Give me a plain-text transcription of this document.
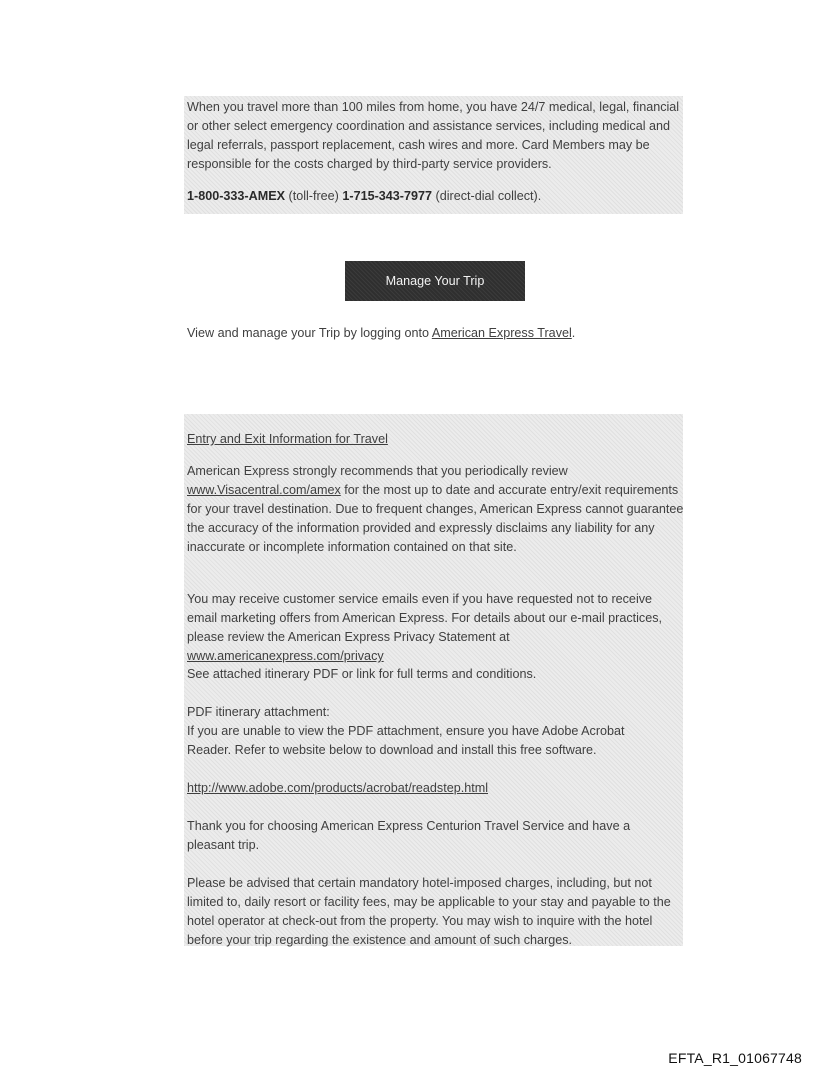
When you travel more than 100 miles from home, you have 24/7 medical, legal, financial or other select emergency coordination and assistance services, including medical and legal referrals, passport replacement, cash wires and more. Card Members may be responsible for the costs charged by third-party service providers.

1-800-333-AMEX (toll-free) 1-715-343-7977 (direct-dial collect).

Manage Your Trip

View and manage your Trip by logging onto American Express Travel.

Entry and Exit Information for Travel

American Express strongly recommends that you periodically review www.Visacentral.com/amex for the most up to date and accurate entry/exit requirements for your travel destination. Due to frequent changes, American Express cannot guarantee the accuracy of the information provided and expressly disclaims any liability for any inaccurate or incomplete information contained on that site.

You may receive customer service emails even if you have requested not to receive email marketing offers from American Express. For details about our e-mail practices, please review the American Express Privacy Statement at www.americanexpress.com/privacy

See attached itinerary PDF or link for full terms and conditions.

PDF itinerary attachment:

If you are unable to view the PDF attachment, ensure you have Adobe Acrobat Reader. Refer to website below to download and install this free software.

http://www.adobe.com/products/acrobat/readstep.html

Thank you for choosing American Express Centurion Travel Service and have a pleasant trip.

Please be advised that certain mandatory hotel-imposed charges, including, but not limited to, daily resort or facility fees, may be applicable to your stay and payable to the hotel operator at check-out from the property. You may wish to inquire with the hotel before your trip regarding the existence and amount of such charges.

EFTA_R1_01067748
